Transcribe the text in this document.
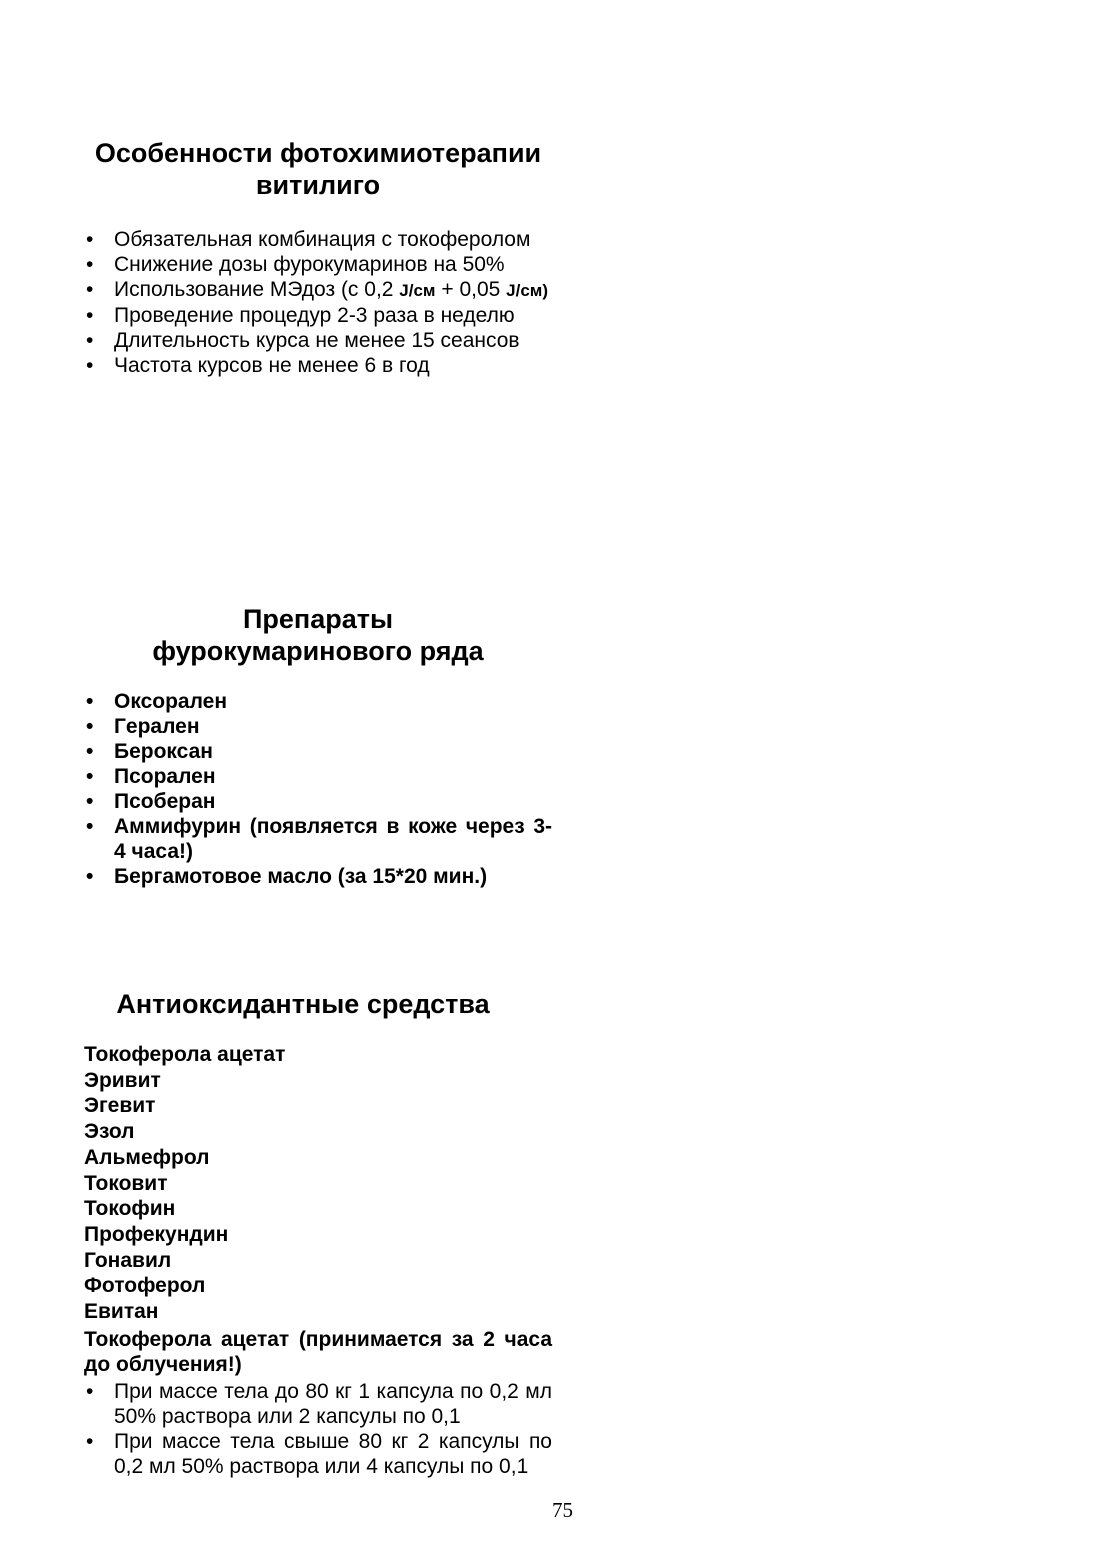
Особенности фотохимиотерапии
витилиго
• Обязательная комбинация с токоферолом
• Снижение дозы фурокумаринов на 50%
• Использование МЭдоз (с 0,2 J/см + 0,05 J/см)
• Проведение процедур 2-3 раза в неделю
• Длительность курса не менее 15 сеансов
• Частота курсов не менее 6 в год
Препараты
фурокумаринового ряда
• Оксорален
• Гeрален
• Бероксан
• Псорален
• Псоберан
• Аммифурин (появляется в коже через 3- 4 часа!)
• Бергамотовое масло (за 15*20 мин.)
Антиоксидантные средства
Токоферола ацетат
Эривит
Эгевит
Эзол
Альмефрол
Токовит
Токофин
Профекундин
Гонавил
Фотоферол
Евитан
Токоферола ацетат (принимается за 2 часа до облучения!)
• При массе тела до 80 кг 1 капсула по 0,2 мл 50% раствора или 2 капсулы по 0,1
• При массе тела свыше 80 кг 2 капсулы по 0,2 мл 50% раствора или 4 капсулы по 0,1
75
